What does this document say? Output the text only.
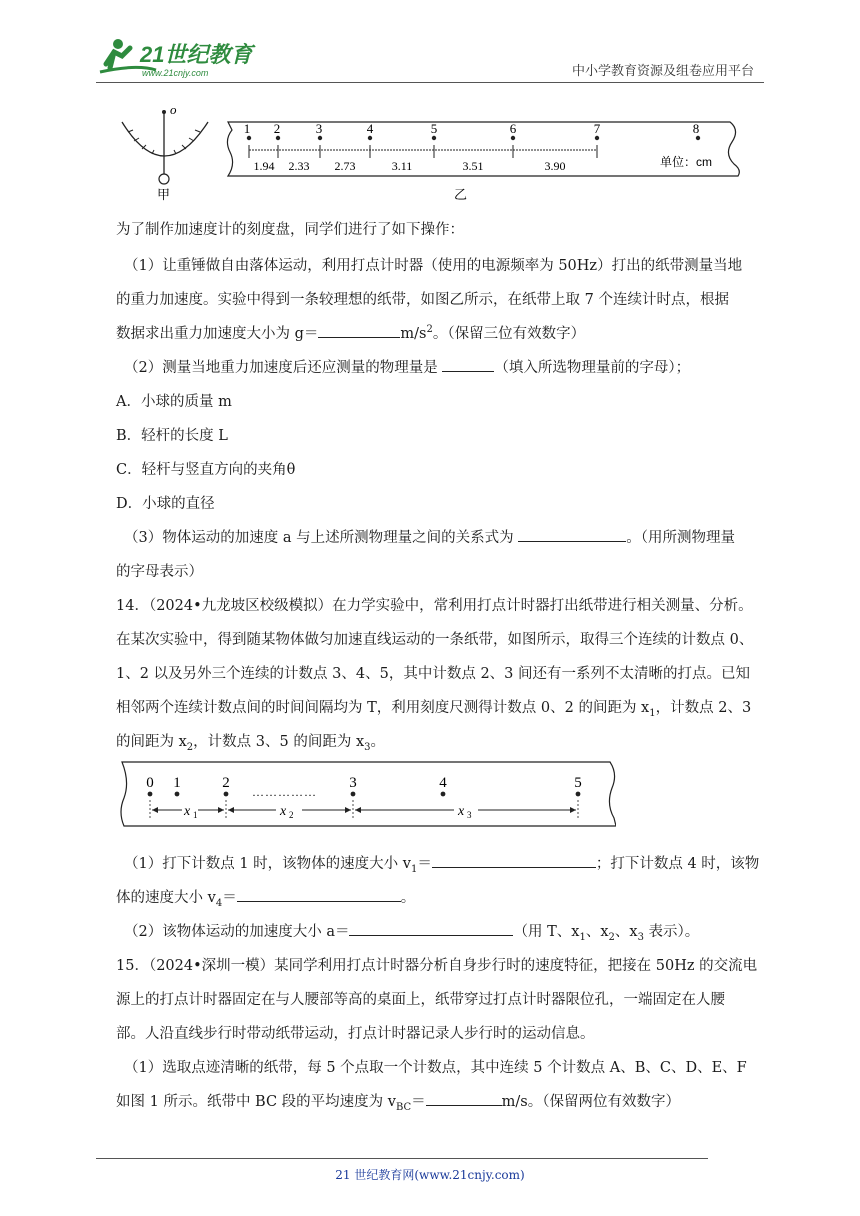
21世纪教育
www.21cnjy.com	中小学教育资源及组卷应用平台
o
甲
1 2	3	4	5	6	7	8
1.94 2.33 2.73	3.11	3.51	3.90	单位：cm
乙
为了制作加速度计的刻度盘，同学们进行了如下操作：
（1）让重锤做自由落体运动，利用打点计时器（使用的电源频率为 50Hz）打出的纸带测量当地
的重力加速度。实验中得到一条较理想的纸带，如图乙所示，在纸带上取 7 个连续计时点，根据
数据求出重力加速度大小为 g＝	$m/s^2$。（保留三位有效数字）
（2）测量当地重力加速度后还应测量的物理量是	（填入所选物理量前的字母）；
A．小球的质量 m
B．轻杆的长度 L
C．轻杆与竖直方向的夹角θ
D．小球的直径
（3）物体运动的加速度 a 与上述所测物理量之间的关系式为	。（用所测物理量
的字母表示）
14．（2024•九龙坡区校级模拟）在力学实验中，常利用打点计时器打出纸带进行相关测量、分析。
在某次实验中，得到随某物体做匀加速直线运动的一条纸带，如图所示，取得三个连续的计数点 0、
1、2 以及另外三个连续的计数点 3、4、5，其中计数点 2、3 间还有一系列不太清晰的打点。已知
相邻两个连续计数点间的时间间隔均为 T，利用刻度尺测得计数点 0、2 的间距为 $x_1$，计数点 2、3
的间距为 $x_2$，计数点 3、5 的间距为 $x_3$。
0 1	2	3	4	5
……………
x 1	x 2	x 3
（1）打下计数点 1 时，该物体的速度大小 $v_1=$	；打下计数点 4 时，该物
体的速度大小 $v_4=$	。
（2）该物体运动的加速度大小 a＝	（用 T、$x_1$、$x_2$、$x_3$ 表示）。
15．（2024•深圳一模）某同学利用打点计时器分析自身步行时的速度特征，把接在 50Hz 的交流电
源上的打点计时器固定在与人腰部等高的桌面上，纸带穿过打点计时器限位孔，一端固定在人腰
部。人沿直线步行时带动纸带运动，打点计时器记录人步行时的运动信息。
（1）选取点迹清晰的纸带，每 5 个点取一个计数点，其中连续 5 个计数点 A、B、C、D、E、F
如图 1 所示。纸带中 BC 段的平均速度为 $v_{BC}=$	m/s。（保留两位有效数字）
21 世纪教育网(www.21cnjy.com)
